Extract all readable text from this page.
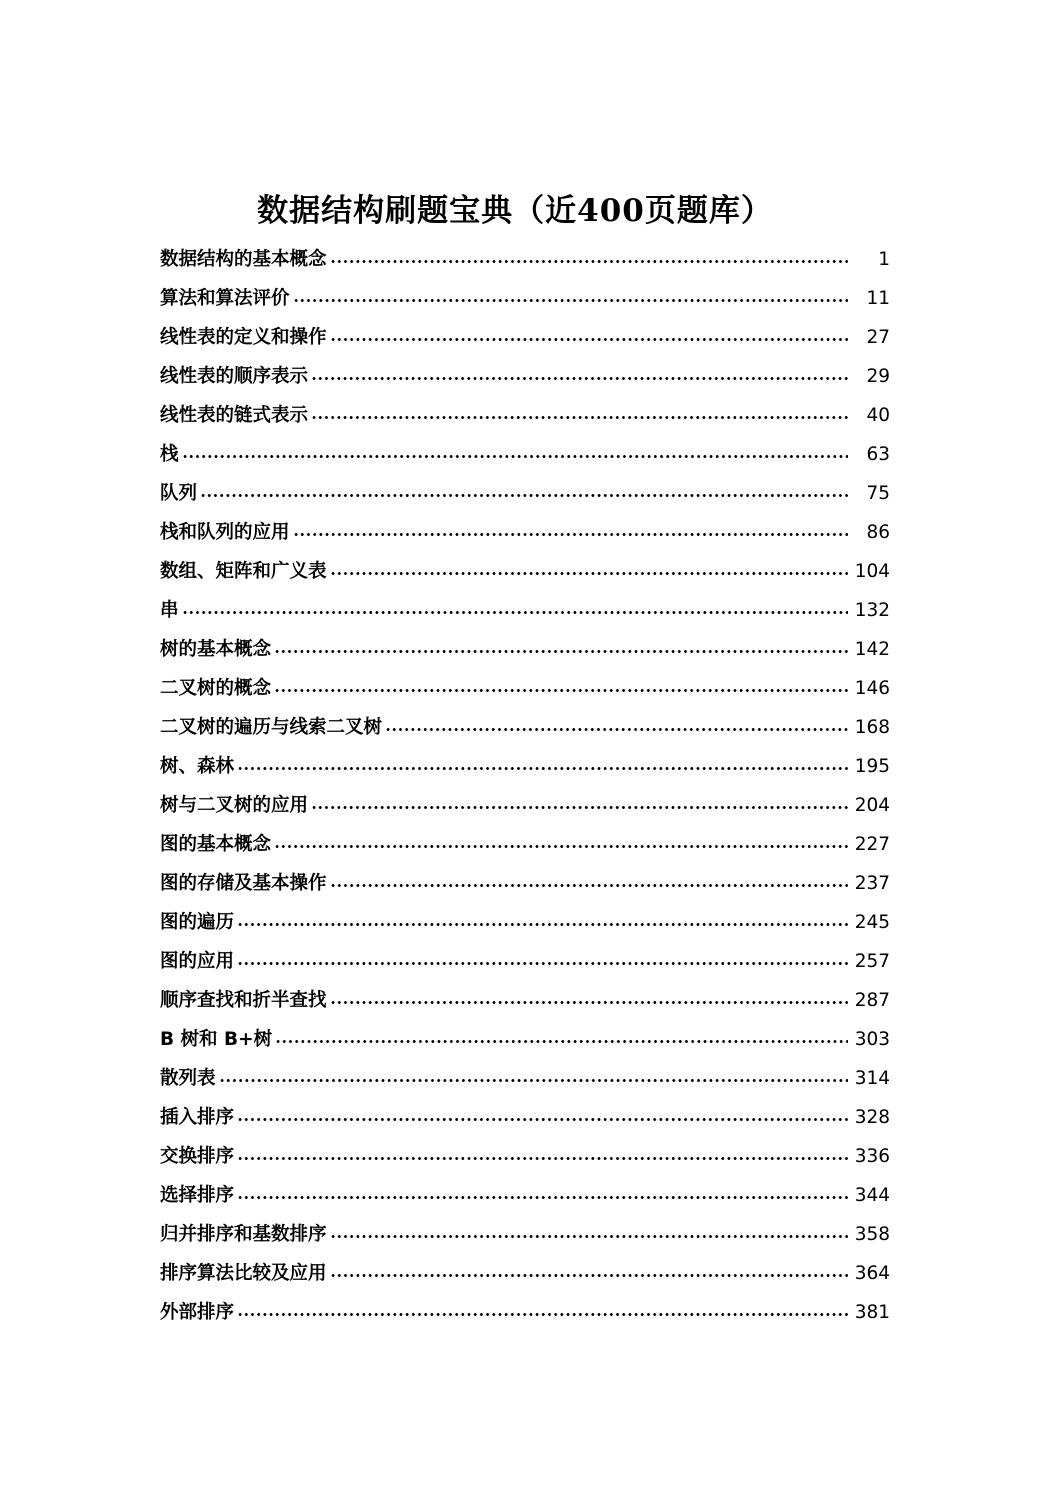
数据结构刷题宝典（近400页题库）
数据结构的基本概念	1
算法和算法评价	11
线性表的定义和操作	27
线性表的顺序表示	29
线性表的链式表示	40
栈	63
队列	75
栈和队列的应用	86
数组、矩阵和广义表	104
串	132
树的基本概念	142
二叉树的概念	146
二叉树的遍历与线索二叉树	168
树、森林	195
树与二叉树的应用	204
图的基本概念	227
图的存储及基本操作	237
图的遍历	245
图的应用	257
顺序查找和折半查找	287
B 树和 B+树	303
散列表	314
插入排序	328
交换排序	336
选择排序	344
归并排序和基数排序	358
排序算法比较及应用	364
外部排序	381
